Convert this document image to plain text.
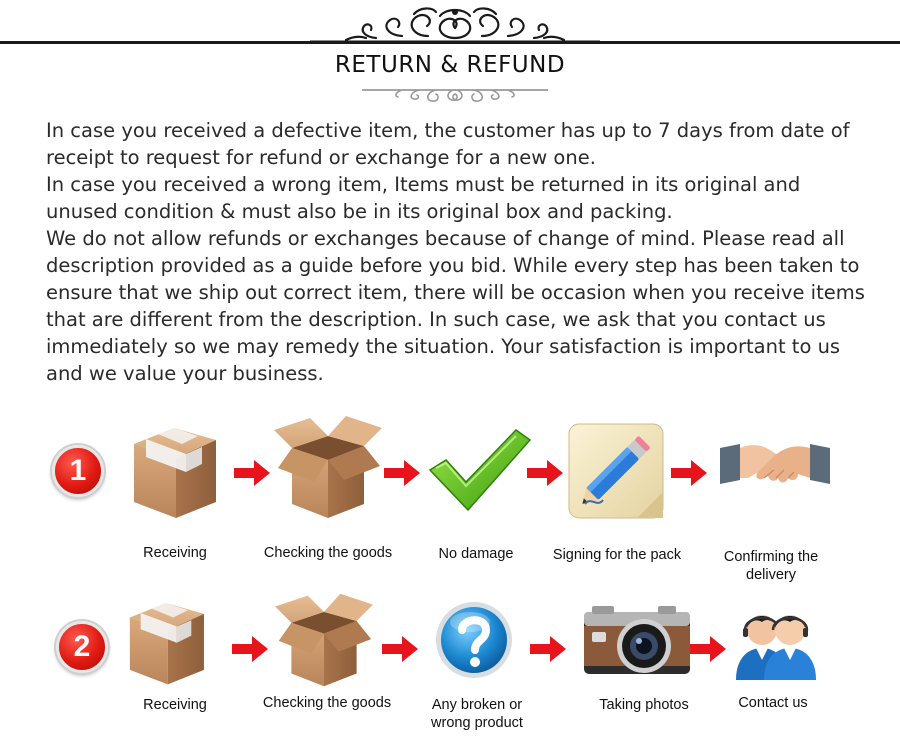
RETURN & REFUND

In case you received a defective item, the customer has up to 7 days from date of receipt to request for refund or exchange for a new one.

In case you received a wrong item, Items must be returned in its original and unused condition & must also be in its original box and packing.

We do not allow refunds or exchanges because of change of mind. Please read all description provided as a guide before you bid. While every step has been taken to ensure that we ship out correct item, there will be occasion when you receive items that are different from the description. In such case, we ask that you contact us immediately so we may remedy the situation. Your satisfaction is important to us and we value your business.

1
Receiving	Checking the goods	No damage	Signing for the pack	Confirming the delivery
2
Receiving	Checking the goods	Any broken or wrong product
Taking photos	Contact us
